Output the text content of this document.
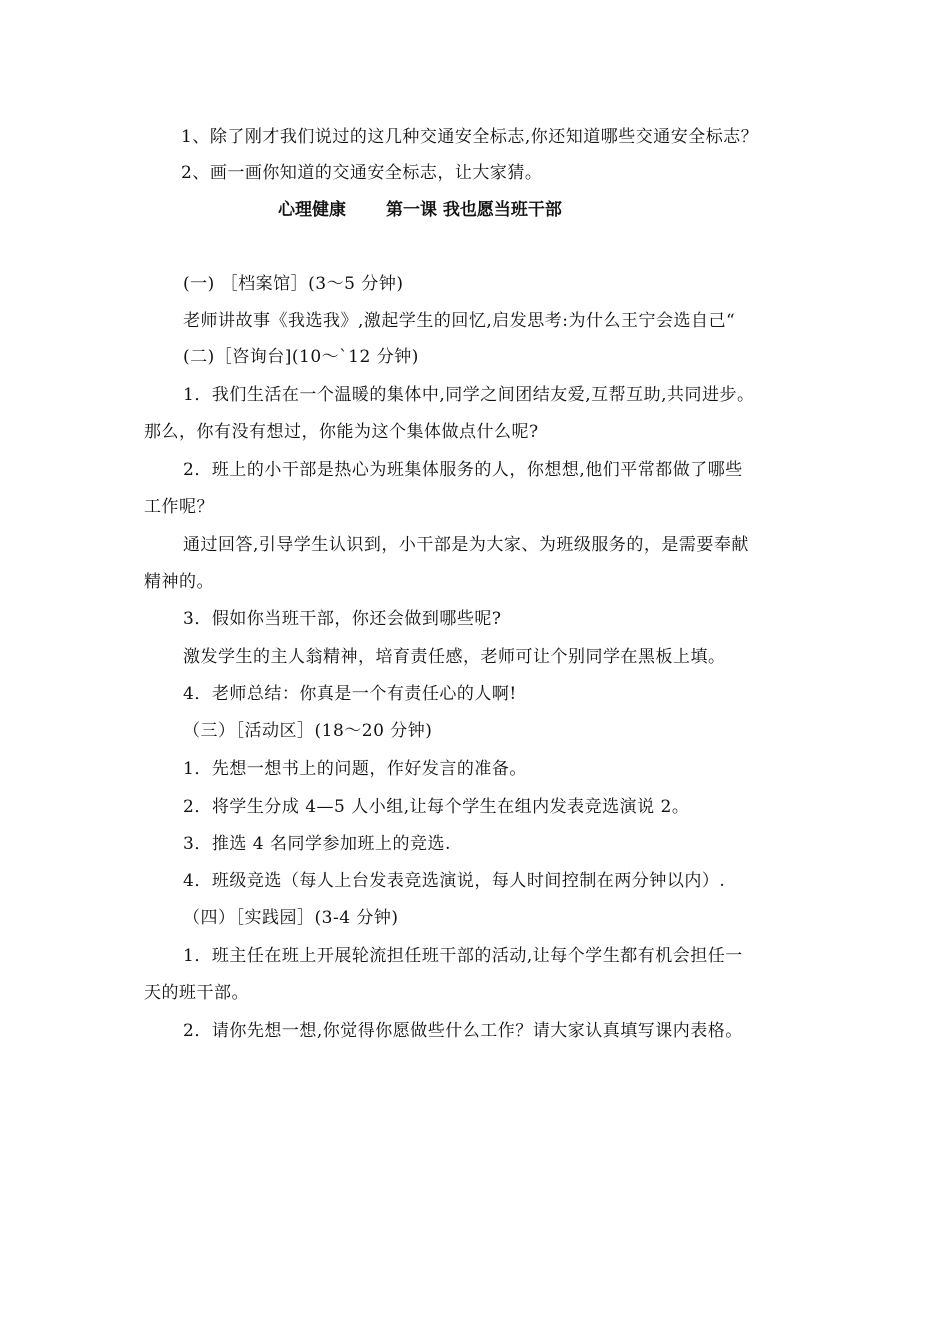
1、除了刚才我们说过的这几种交通安全标志,你还知道哪些交通安全标志？
2、画一画你知道的交通安全标志，让大家猜。
心理健康 第一课 我也愿当班干部
(一) ［档案馆］(3～5 分钟)
老师讲故事《我选我》,激起学生的回忆,启发思考:为什么王宁会选自己“
(二)［咨询台](10～`12 分钟)
1．我们生活在一个温暖的集体中,同学之间团结友爱,互帮互助,共同进步。
那么，你有没有想过，你能为这个集体做点什么呢?
2．班上的小干部是热心为班集体服务的人，你想想,他们平常都做了哪些
工作呢？
通过回答,引导学生认识到，小干部是为大家、为班级服务的，是需要奉献
精神的。
3．假如你当班干部，你还会做到哪些呢?
激发学生的主人翁精神，培育责任感，老师可让个别同学在黑板上填。
4．老师总结：你真是一个有责任心的人啊!
（三）［活动区］(18～20 分钟)
1．先想一想书上的问题，作好发言的准备。
2．将学生分成 4—5 人小组,让每个学生在组内发表竞选演说 2。
3．推选 4 名同学参加班上的竞选.
4．班级竞选（每人上台发表竞选演说，每人时间控制在两分钟以内）.
（四）［实践园］(3-4 分钟)
1．班主任在班上开展轮流担任班干部的活动,让每个学生都有机会担任一
天的班干部。
2．请你先想一想,你觉得你愿做些什么工作？请大家认真填写课内表格。
